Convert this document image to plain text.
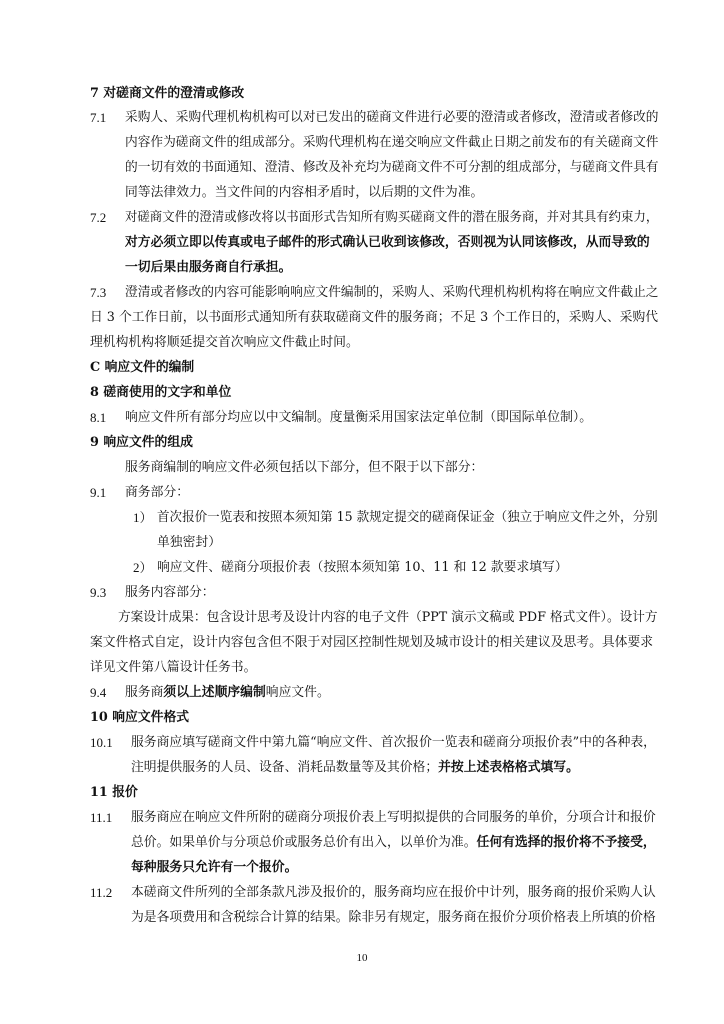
7 对磋商文件的澄清或修改
7.1 采购人、采购代理机构机构可以对已发出的磋商文件进行必要的澄清或者修改，澄清或者修改的
内容作为磋商文件的组成部分。采购代理机构在递交响应文件截止日期之前发布的有关磋商文件
的一切有效的书面通知、澄清、修改及补充均为磋商文件不可分割的组成部分，与磋商文件具有
同等法律效力。当文件间的内容相矛盾时，以后期的文件为准。
7.2 对磋商文件的澄清或修改将以书面形式告知所有购买磋商文件的潜在服务商，并对其具有约束力，
对方必须立即以传真或电子邮件的形式确认已收到该修改，否则视为认同该修改，从而导致的
一切后果由服务商自行承担。
7.3 澄清或者修改的内容可能影响响应文件编制的，采购人、采购代理机构机构将在响应文件截止之
日 3 个工作日前，以书面形式通知所有获取磋商文件的服务商；不足 3 个工作日的，采购人、采购代
理机构机构将顺延提交首次响应文件截止时间。
C 响应文件的编制
8 磋商使用的文字和单位
8.1 响应文件所有部分均应以中文编制。度量衡采用国家法定单位制（即国际单位制）。
9 响应文件的组成
服务商编制的响应文件必须包括以下部分，但不限于以下部分：
9.1 商务部分：
1） 首次报价一览表和按照本须知第 15 款规定提交的磋商保证金（独立于响应文件之外，分别
单独密封）
2） 响应文件、磋商分项报价表（按照本须知第 10、11 和 12 款要求填写）
9.3 服务内容部分：
方案设计成果：包含设计思考及设计内容的电子文件（PPT 演示文稿或 PDF 格式文件）。设计方
案文件格式自定，设计内容包含但不限于对园区控制性规划及城市设计的相关建议及思考。具体要求
详见文件第八篇设计任务书。
9.4 服务商须以上述顺序编制响应文件。
10 响应文件格式
10.1 服务商应填写磋商文件中第九篇“响应文件、首次报价一览表和磋商分项报价表”中的各种表，
注明提供服务的人员、设备、消耗品数量等及其价格；并按上述表格格式填写。
11 报价
11.1 服务商应在响应文件所附的磋商分项报价表上写明拟提供的合同服务的单价，分项合计和报价
总价。如果单价与分项总价或服务总价有出入，以单价为准。任何有选择的报价将不予接受，
每种服务只允许有一个报价。
11.2 本磋商文件所列的全部条款凡涉及报价的，服务商均应在报价中计列，服务商的报价采购人认
为是各项费用和含税综合计算的结果。除非另有规定，服务商在报价分项价格表上所填的价格
10
